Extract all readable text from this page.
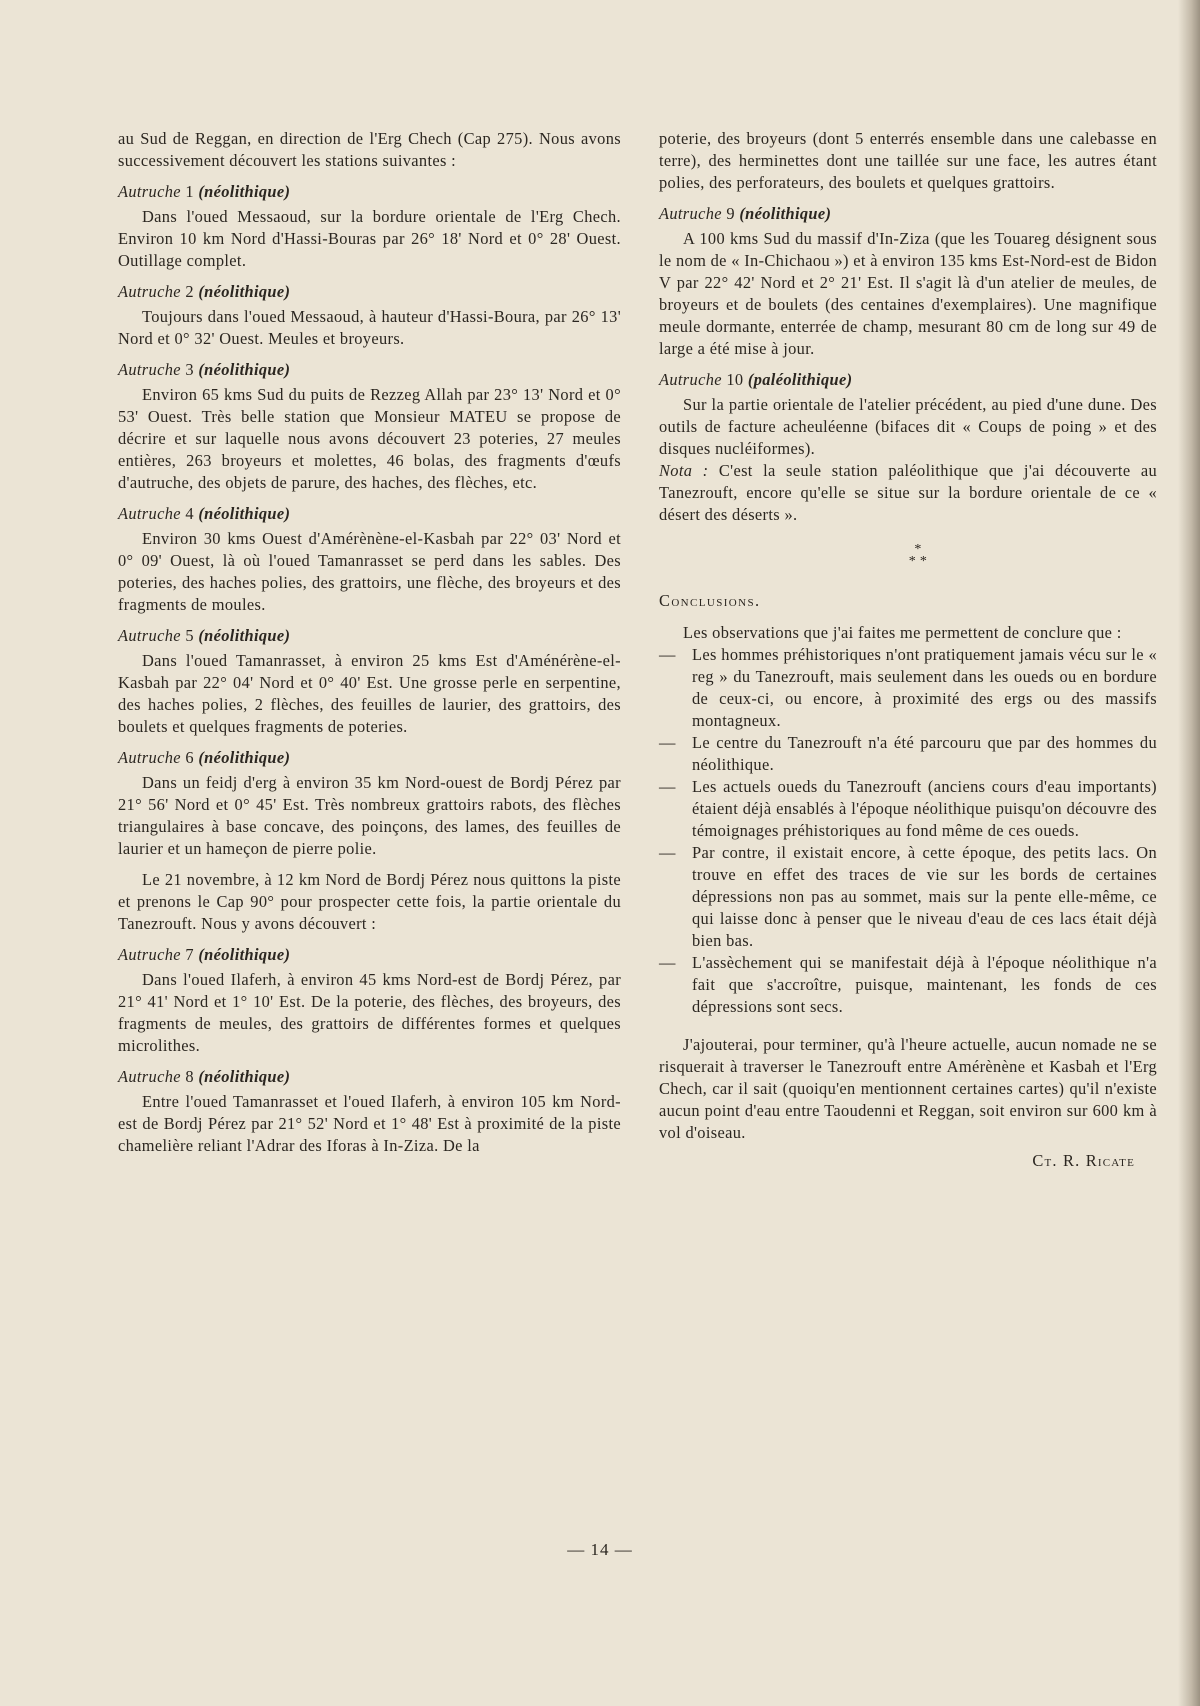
au Sud de Reggan, en direction de l'Erg Chech (Cap 275). Nous avons successivement découvert les stations suivantes :

Autruche 1 (néolithique)

Dans l'oued Messaoud, sur la bordure orientale de l'Erg Chech. Environ 10 km Nord d'Hassi-Bouras par 26° 18' Nord et 0° 28' Ouest. Outillage complet.

Autruche 2 (néolithique)

Toujours dans l'oued Messaoud, à hauteur d'Hassi-Boura, par 26° 13' Nord et 0° 32' Ouest. Meules et broyeurs.

Autruche 3 (néolithique)

Environ 65 kms Sud du puits de Rezzeg Allah par 23° 13' Nord et 0° 53' Ouest. Très belle station que Monsieur MATEU se propose de décrire et sur laquelle nous avons découvert 23 poteries, 27 meules entières, 263 broyeurs et molettes, 46 bolas, des fragments d'œufs d'autruche, des objets de parure, des haches, des flèches, etc.

Autruche 4 (néolithique)

Environ 30 kms Ouest d'Amérènène-el-Kasbah par 22° 03' Nord et 0° 09' Ouest, là où l'oued Tamanrasset se perd dans les sables. Des poteries, des haches polies, des grattoirs, une flèche, des broyeurs et des fragments de moules.

Autruche 5 (néolithique)

Dans l'oued Tamanrasset, à environ 25 kms Est d'Aménérène-el-Kasbah par 22° 04' Nord et 0° 40' Est. Une grosse perle en serpentine, des haches polies, 2 flèches, des feuilles de laurier, des grattoirs, des boulets et quelques fragments de poteries.

Autruche 6 (néolithique)

Dans un feidj d'erg à environ 35 km Nord-ouest de Bordj Pérez par 21° 56' Nord et 0° 45' Est. Très nombreux grattoirs rabots, des flèches triangulaires à base concave, des poinçons, des lames, des feuilles de laurier et un hameçon de pierre polie.

Le 21 novembre, à 12 km Nord de Bordj Pérez nous quittons la piste et prenons le Cap 90° pour prospecter cette fois, la partie orientale du Tanezrouft. Nous y avons découvert :

Autruche 7 (néolithique)

Dans l'oued Ilaferh, à environ 45 kms Nord-est de Bordj Pérez, par 21° 41' Nord et 1° 10' Est. De la poterie, des flèches, des broyeurs, des fragments de meules, des grattoirs de différentes formes et quelques microlithes.

Autruche 8 (néolithique)

Entre l'oued Tamanrasset et l'oued Ilaferh, à environ 105 km Nord-est de Bordj Pérez par 21° 52' Nord et 1° 48' Est à proximité de la piste chamelière reliant l'Adrar des Iforas à In-Ziza. De la

poterie, des broyeurs (dont 5 enterrés ensemble dans une calebasse en terre), des herminettes dont une taillée sur une face, les autres étant polies, des perforateurs, des boulets et quelques grattoirs.

Autruche 9 (néolithique)

A 100 kms Sud du massif d'In-Ziza (que les Touareg désignent sous le nom de « In-Chichaou ») et à environ 135 kms Est-Nord-est de Bidon V par 22° 42' Nord et 2° 21' Est. Il s'agit là d'un atelier de meules, de broyeurs et de boulets (des centaines d'exemplaires). Une magnifique meule dormante, enterrée de champ, mesurant 80 cm de long sur 49 de large a été mise à jour.

Autruche 10 (paléolithique)

Sur la partie orientale de l'atelier précédent, au pied d'une dune. Des outils de facture acheuléenne (bifaces dit « Coups de poing » et des disques nucléiformes).

Nota : C'est la seule station paléolithique que j'ai découverte au Tanezrouft, encore qu'elle se situe sur la bordure orientale de ce « désert des déserts ».

*
* *
Conclusions.

Les observations que j'ai faites me permettent de conclure que :

— Les hommes préhistoriques n'ont pratiquement jamais vécu sur le « reg » du Tanezrouft, mais seulement dans les oueds ou en bordure de ceux-ci, ou encore, à proximité des ergs ou des massifs montagneux.
— Le centre du Tanezrouft n'a été parcouru que par des hommes du néolithique.
— Les actuels oueds du Tanezrouft (anciens cours d'eau importants) étaient déjà ensablés à l'époque néolithique puisqu'on découvre des témoignages préhistoriques au fond même de ces oueds.
— Par contre, il existait encore, à cette époque, des petits lacs. On trouve en effet des traces de vie sur les bords de certaines dépressions non pas au sommet, mais sur la pente elle-même, ce qui laisse donc à penser que le niveau d'eau de ces lacs était déjà bien bas.
— L'assèchement qui se manifestait déjà à l'époque néolithique n'a fait que s'accroître, puisque, maintenant, les fonds de ces dépressions sont secs.

J'ajouterai, pour terminer, qu'à l'heure actuelle, aucun nomade ne se risquerait à traverser le Tanezrouft entre Amérènène et Kasbah et l'Erg Chech, car il sait (quoiqu'en mentionnent certaines cartes) qu'il n'existe aucun point d'eau entre Taoudenni et Reggan, soit environ sur 600 km à vol d'oiseau.

Ct. R. Ricate
— 14 —
